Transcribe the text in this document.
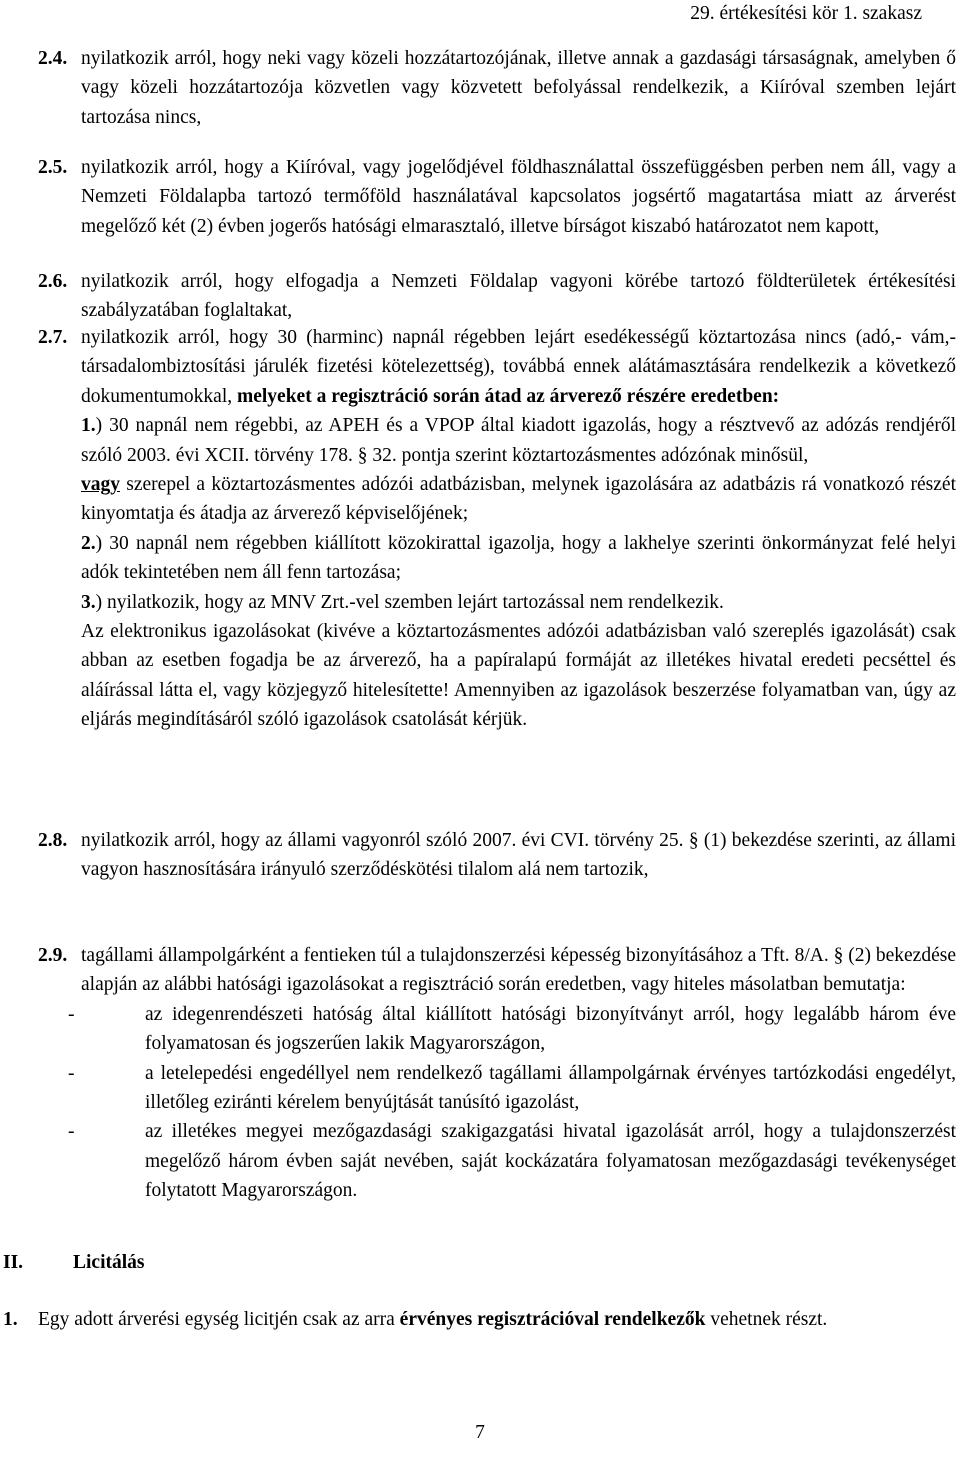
29. értékesítési kör 1. szakasz
2.4. nyilatkozik arról, hogy neki vagy közeli hozzátartozójának, illetve annak a gazdasági társaságnak, amelyben ő vagy közeli hozzátartozója közvetlen vagy közvetett befolyással rendelkezik, a Kiíróval szemben lejárt tartozása nincs,
2.5. nyilatkozik arról, hogy a Kiíróval, vagy jogelődjével földhasználattal összefüggésben perben nem áll, vagy a Nemzeti Földalapba tartozó termőföld használatával kapcsolatos jogsértő magatartása miatt az árverést megelőző két (2) évben jogerős hatósági elmarasztaló, illetve bírságot kiszabó határozatot nem kapott,
2.6. nyilatkozik arról, hogy elfogadja a Nemzeti Földalap vagyoni körébe tartozó földterületek értékesítési szabályzatában foglaltakat,
2.7. nyilatkozik arról, hogy 30 (harminc) napnál régebben lejárt esedékességű köztartozása nincs (adó,- vám,- társadalombiztosítási járulék fizetési kötelezettség), továbbá ennek alátámasztására rendelkezik a következő dokumentumokkal, melyeket a regisztráció során átad az árverező részére eredetben:
1.) 30 napnál nem régebbi, az APEH és a VPOP által kiadott igazolás, hogy a résztvevő az adózás rendjéről szóló 2003. évi XCII. törvény 178. § 32. pontja szerint köztartozásmentes adózónak minősül,
vagy szerepel a köztartozásmentes adózói adatbázisban, melynek igazolására az adatbázis rá vonatkozó részét kinyomtatja és átadja az árverező képviselőjének;
2.) 30 napnál nem régebben kiállított közokirattal igazolja, hogy a lakhelye szerinti önkormányzat felé helyi adók tekintetében nem áll fenn tartozása;
3.) nyilatkozik, hogy az MNV Zrt.-vel szemben lejárt tartozással nem rendelkezik.
Az elektronikus igazolásokat (kivéve a köztartozásmentes adózói adatbázisban való szereplés igazolását) csak abban az esetben fogadja be az árverező, ha a papíralapú formáját az illetékes hivatal eredeti pecséttel és aláírással látta el, vagy közjegyző hitelesítette! Amennyiben az igazolások beszerzése folyamatban van, úgy az eljárás megindításáról szóló igazolások csatolását kérjük.
2.8. nyilatkozik arról, hogy az állami vagyonról szóló 2007. évi CVI. törvény 25. § (1) bekezdése szerinti, az állami vagyon hasznosítására irányuló szerződéskötési tilalom alá nem tartozik,
2.9. tagállami állampolgárként a fentieken túl a tulajdonszerzési képesség bizonyításához a Tft. 8/A. § (2) bekezdése alapján az alábbi hatósági igazolásokat a regisztráció során eredetben, vagy hiteles másolatban bemutatja:
-	az idegenrendészeti hatóság által kiállított hatósági bizonyítványt arról, hogy legalább három éve folyamatosan és jogszerűen lakik Magyarországon,
-	a letelepedési engedéllyel nem rendelkező tagállami állampolgárnak érvényes tartózkodási engedélyt, illetőleg eziránti kérelem benyújtását tanúsító igazolást,
-	az illetékes megyei mezőgazdasági szakigazgatási hivatal igazolását arról, hogy a tulajdonszerzést megelőző három évben saját nevében, saját kockázatára folyamatosan mezőgazdasági tevékenységet folytatott Magyarországon.
II.	Licitálás
1. Egy adott árverési egység licitjén csak az arra érvényes regisztrációval rendelkezők vehetnek részt.
7
